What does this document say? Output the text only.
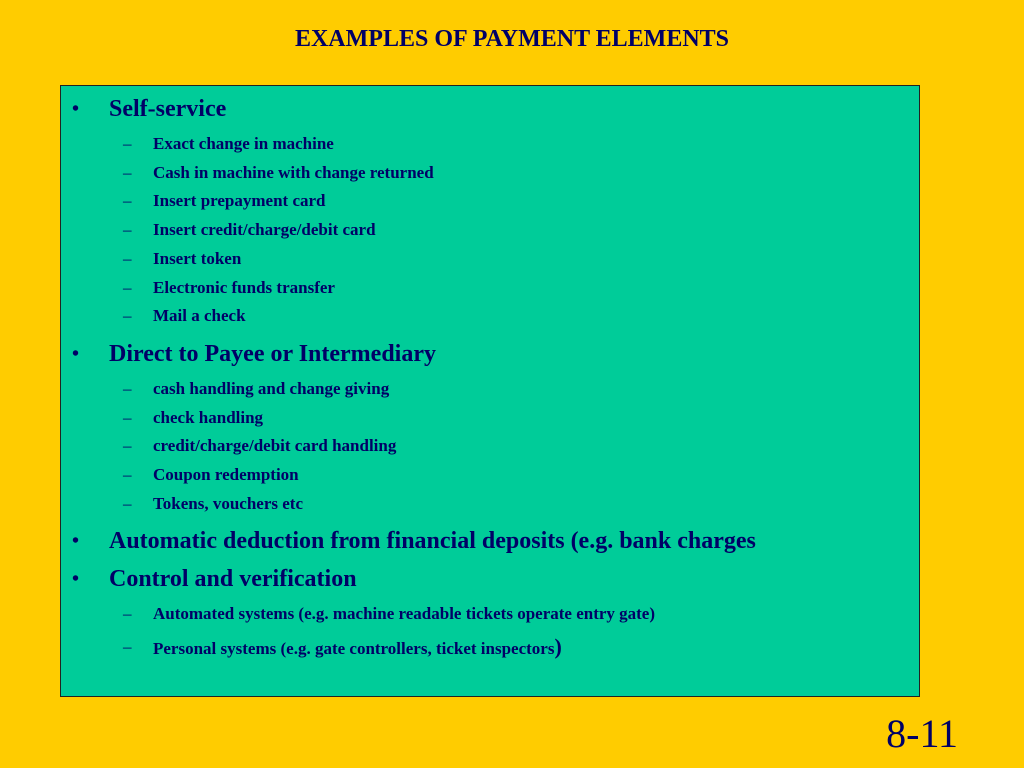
EXAMPLES OF PAYMENT ELEMENTS
• Self-service
– Exact change in machine
– Cash in machine with change returned
– Insert prepayment card
– Insert credit/charge/debit card
– Insert token
– Electronic funds transfer
– Mail a check
• Direct to Payee or Intermediary
– cash handling and change giving
– check handling
– credit/charge/debit card handling
– Coupon redemption
– Tokens, vouchers etc
• Automatic deduction from financial deposits (e.g. bank charges
• Control and verification
– Automated systems (e.g. machine readable tickets operate entry gate)
– Personal systems (e.g. gate controllers, ticket inspectors)
8-11
